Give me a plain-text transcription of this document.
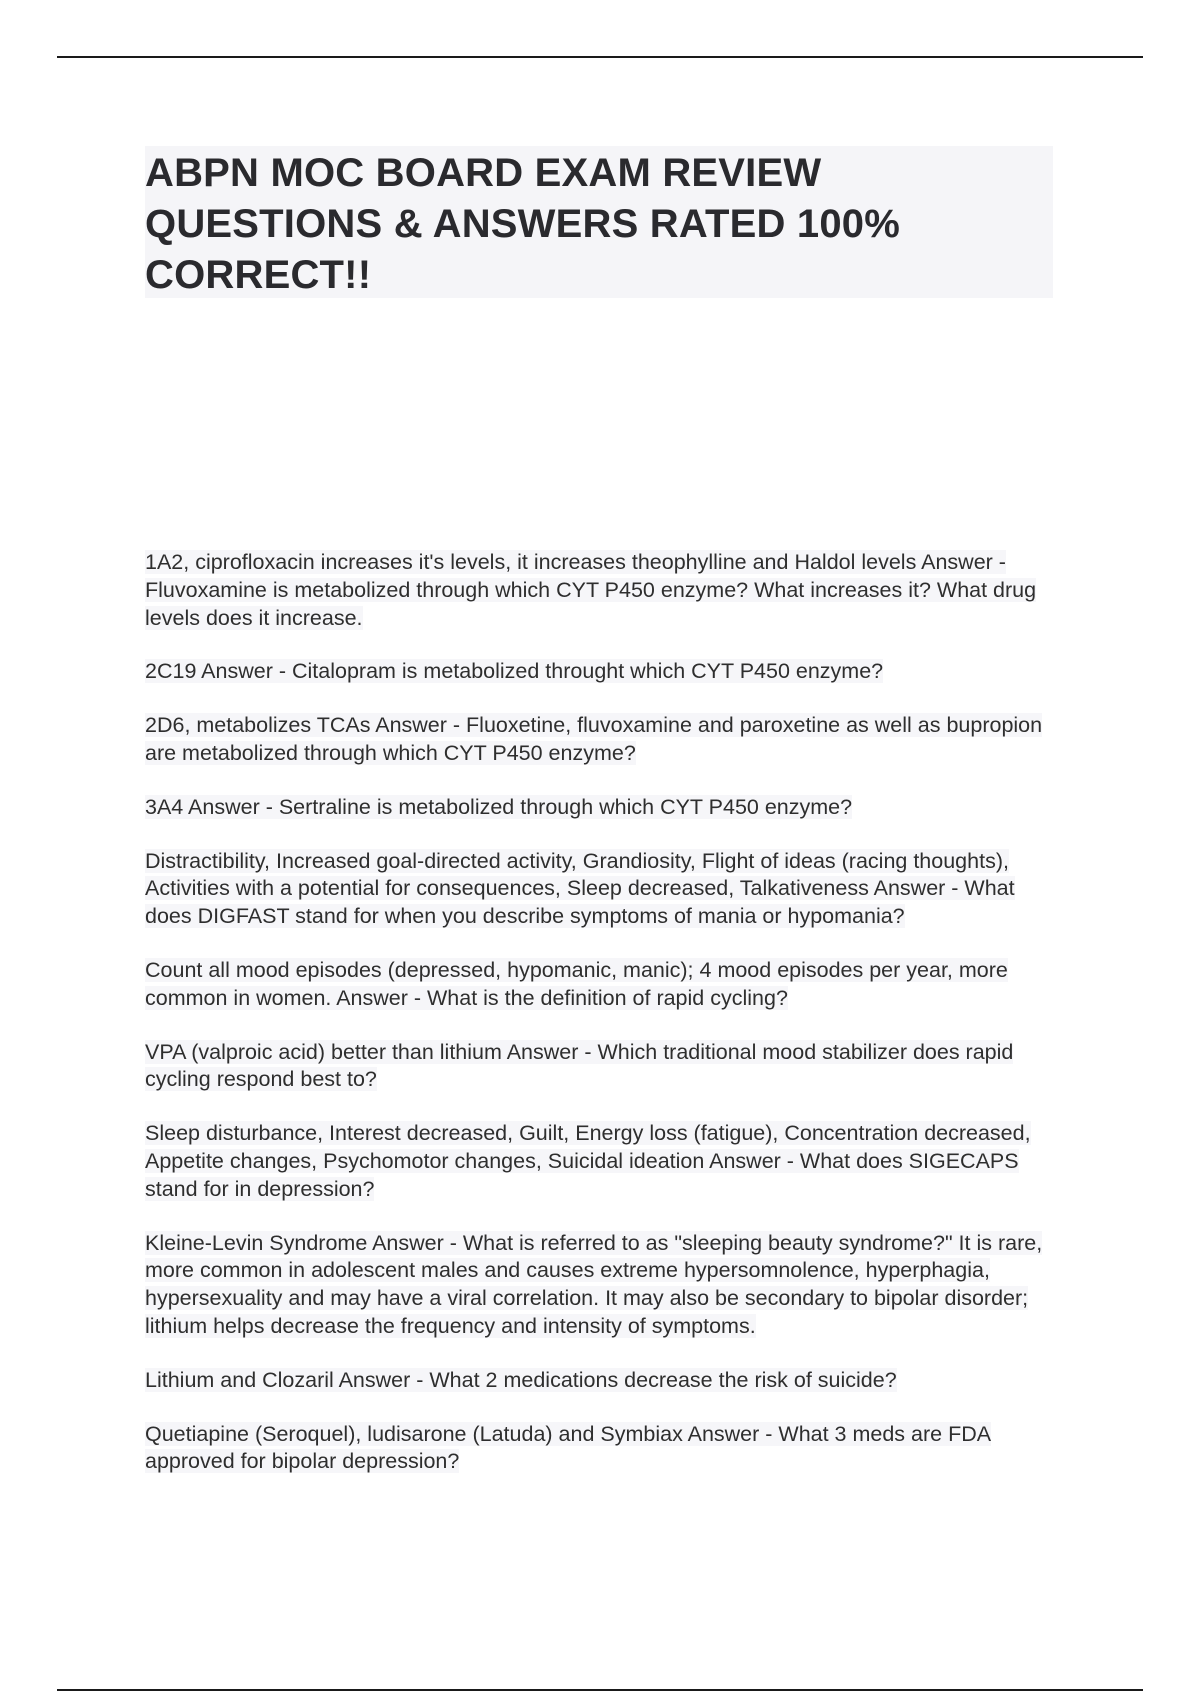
ABPN MOC BOARD EXAM REVIEW QUESTIONS & ANSWERS RATED 100% CORRECT!!
1A2, ciprofloxacin increases it's levels, it increases theophylline and Haldol levels Answer - Fluvoxamine is metabolized through which CYT P450 enzyme? What increases it? What drug levels does it increase.
2C19 Answer - Citalopram is metabolized throught which CYT P450 enzyme?
2D6, metabolizes TCAs Answer - Fluoxetine, fluvoxamine and paroxetine as well as bupropion are metabolized through which CYT P450 enzyme?
3A4 Answer - Sertraline is metabolized through which CYT P450 enzyme?
Distractibility, Increased goal-directed activity, Grandiosity, Flight of ideas (racing thoughts), Activities with a potential for consequences, Sleep decreased, Talkativeness Answer - What does DIGFAST stand for when you describe symptoms of mania or hypomania?
Count all mood episodes (depressed, hypomanic, manic); 4 mood episodes per year, more common in women. Answer - What is the definition of rapid cycling?
VPA (valproic acid) better than lithium Answer - Which traditional mood stabilizer does rapid cycling respond best to?
Sleep disturbance, Interest decreased, Guilt, Energy loss (fatigue), Concentration decreased, Appetite changes, Psychomotor changes, Suicidal ideation Answer - What does SIGECAPS stand for in depression?
Kleine-Levin Syndrome Answer - What is referred to as "sleeping beauty syndrome?" It is rare, more common in adolescent males and causes extreme hypersomnolence, hyperphagia, hypersexuality and may have a viral correlation. It may also be secondary to bipolar disorder; lithium helps decrease the frequency and intensity of symptoms.
Lithium and Clozaril Answer - What 2 medications decrease the risk of suicide?
Quetiapine (Seroquel), ludisarone (Latuda) and Symbiax Answer - What 3 meds are FDA approved for bipolar depression?
